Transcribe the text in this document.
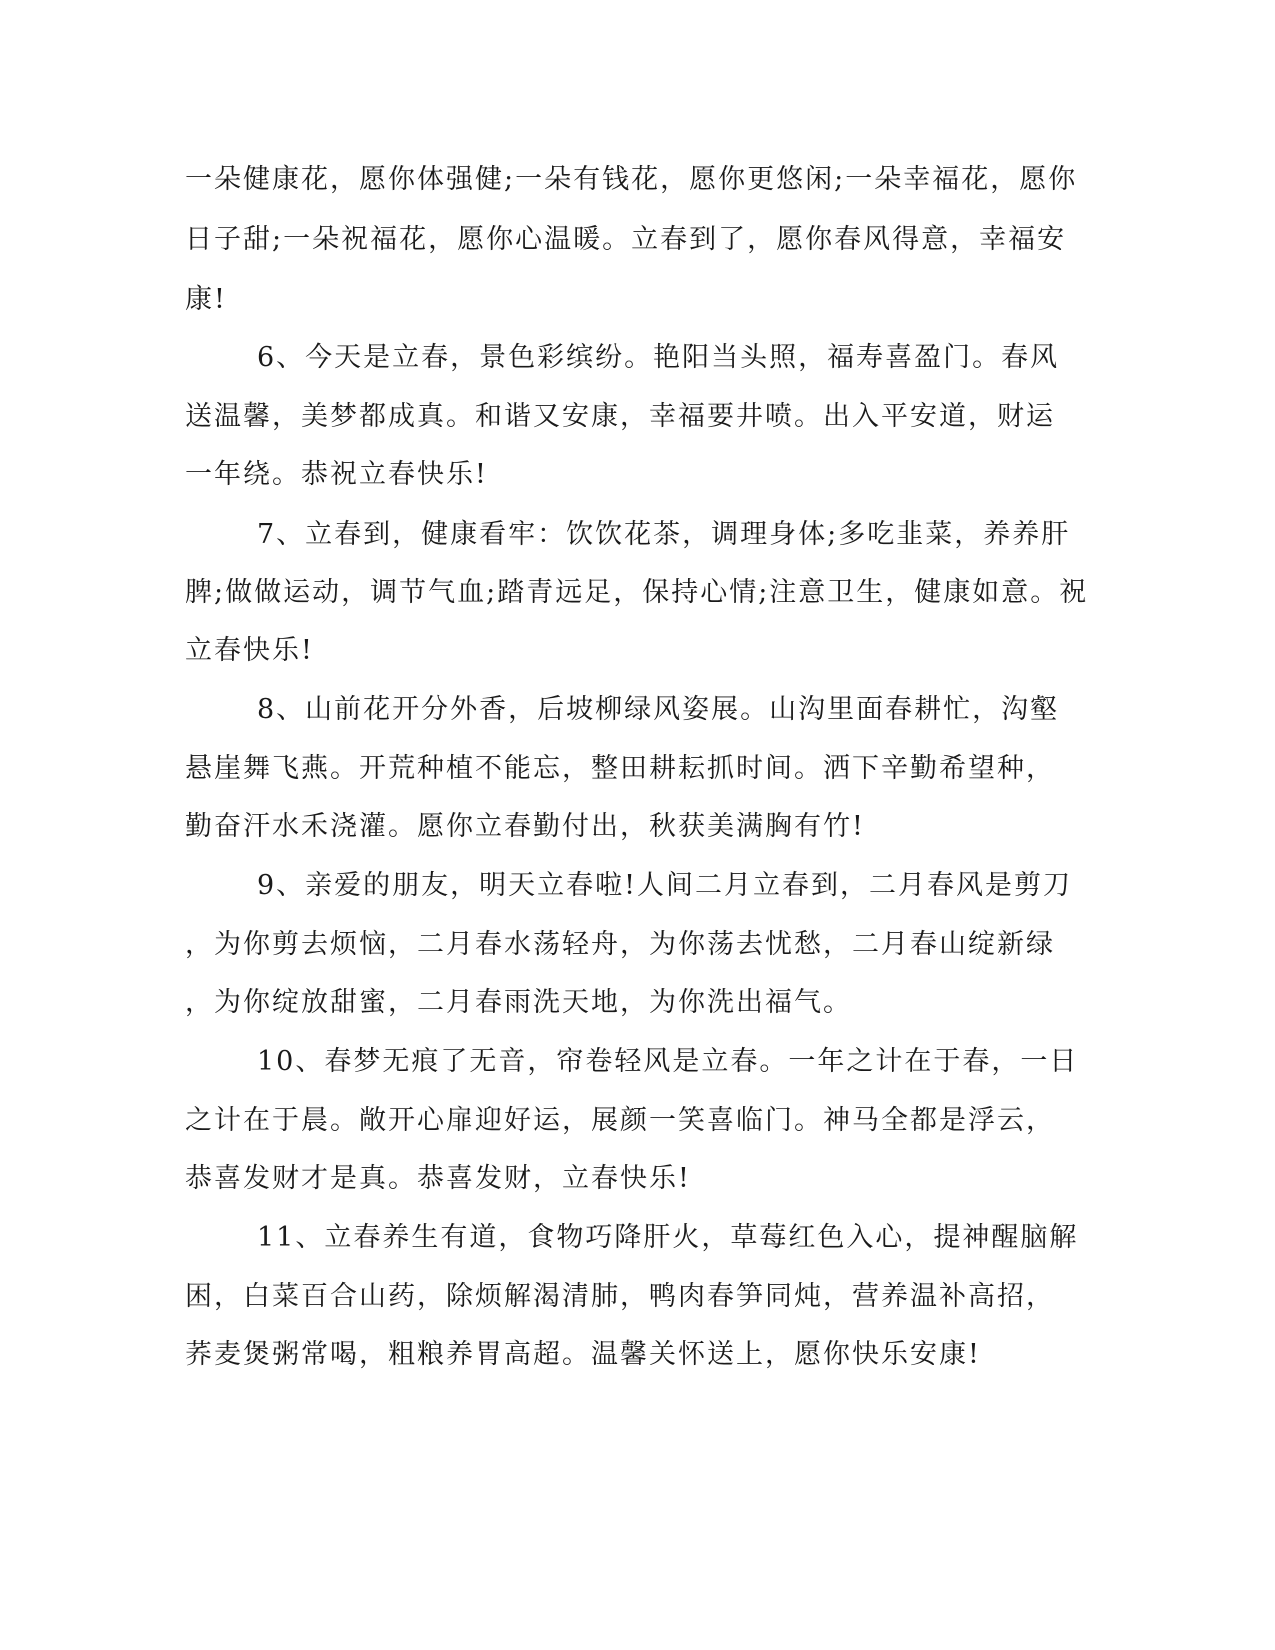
一朵健康花，愿你体强健;一朵有钱花，愿你更悠闲;一朵幸福花，愿你
日子甜;一朵祝福花，愿你心温暖。立春到了，愿你春风得意，幸福安
康!
6、今天是立春，景色彩缤纷。艳阳当头照，福寿喜盈门。春风
送温馨，美梦都成真。和谐又安康，幸福要井喷。出入平安道，财运
一年绕。恭祝立春快乐!
7、立春到，健康看牢：饮饮花茶，调理身体;多吃韭菜，养养肝
脾;做做运动，调节气血;踏青远足，保持心情;注意卫生，健康如意。祝
立春快乐!
8、山前花开分外香，后坡柳绿风姿展。山沟里面春耕忙，沟壑
悬崖舞飞燕。开荒种植不能忘，整田耕耘抓时间。洒下辛勤希望种，
勤奋汗水禾浇灌。愿你立春勤付出，秋获美满胸有竹!
9、亲爱的朋友，明天立春啦!人间二月立春到，二月春风是剪刀
，为你剪去烦恼，二月春水荡轻舟，为你荡去忧愁，二月春山绽新绿
，为你绽放甜蜜，二月春雨洗天地，为你洗出福气。
10、春梦无痕了无音，帘卷轻风是立春。一年之计在于春，一日
之计在于晨。敞开心扉迎好运，展颜一笑喜临门。神马全都是浮云，
恭喜发财才是真。恭喜发财，立春快乐!
11、立春养生有道，食物巧降肝火，草莓红色入心，提神醒脑解
困，白菜百合山药，除烦解渴清肺，鸭肉春笋同炖，营养温补高招，
荞麦煲粥常喝，粗粮养胃高超。温馨关怀送上，愿你快乐安康!
